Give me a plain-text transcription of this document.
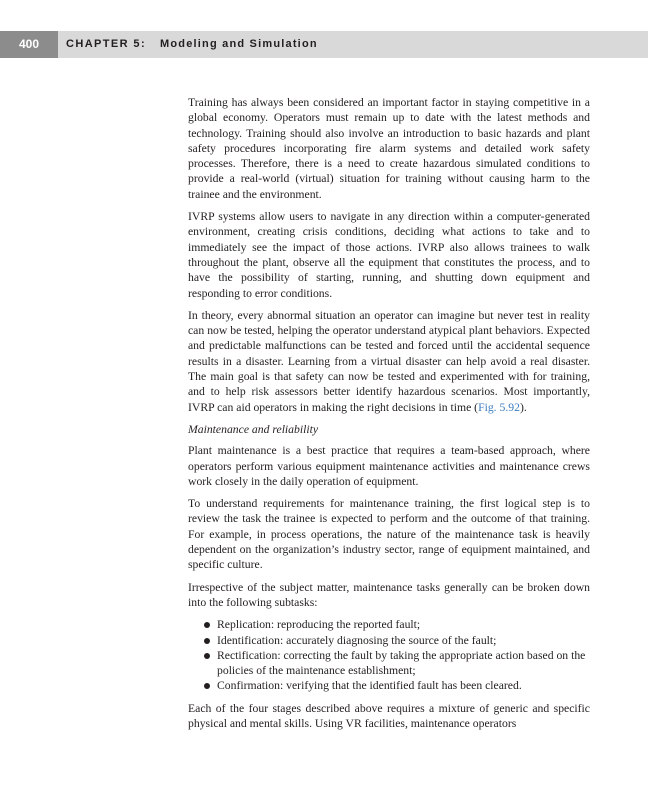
400	CHAPTER 5: Modeling and Simulation

Training has always been considered an important factor in staying competitive in a global economy. Operators must remain up to date with the latest methods and technology. Training should also involve an introduction to basic hazards and plant safety procedures incorporating fire alarm systems and detailed work safety processes. Therefore, there is a need to create hazardous simulated conditions to provide a real-world (virtual) situation for training without causing harm to the trainee and the environment.

IVRP systems allow users to navigate in any direction within a computer-generated environment, creating crisis conditions, deciding what actions to take and to immediately see the impact of those actions. IVRP also allows trainees to walk throughout the plant, observe all the equipment that constitutes the process, and to have the possibility of starting, running, and shutting down equipment and responding to error conditions.

In theory, every abnormal situation an operator can imagine but never test in reality can now be tested, helping the operator understand atypical plant behaviors. Expected and predictable malfunctions can be tested and forced until the accidental sequence results in a disaster. Learning from a virtual disaster can help avoid a real disaster. The main goal is that safety can now be tested and experimented with for training, and to help risk assessors better identify hazardous scenarios. Most importantly, IVRP can aid operators in making the right decisions in time (Fig. 5.92).

Maintenance and reliability

Plant maintenance is a best practice that requires a team-based approach, where operators perform various equipment maintenance activities and maintenance crews work closely in the daily operation of equipment.

To understand requirements for maintenance training, the first logical step is to review the task the trainee is expected to perform and the outcome of that training. For example, in process operations, the nature of the maintenance task is heavily dependent on the organization’s industry sector, range of equipment maintained, and specific culture.

Irrespective of the subject matter, maintenance tasks generally can be broken down into the following subtasks:

Replication: reproducing the reported fault;
Identification: accurately diagnosing the source of the fault;
Rectification: correcting the fault by taking the appropriate action based on the policies of the maintenance establishment;
Confirmation: verifying that the identified fault has been cleared.

Each of the four stages described above requires a mixture of generic and specific physical and mental skills. Using VR facilities, maintenance operators
